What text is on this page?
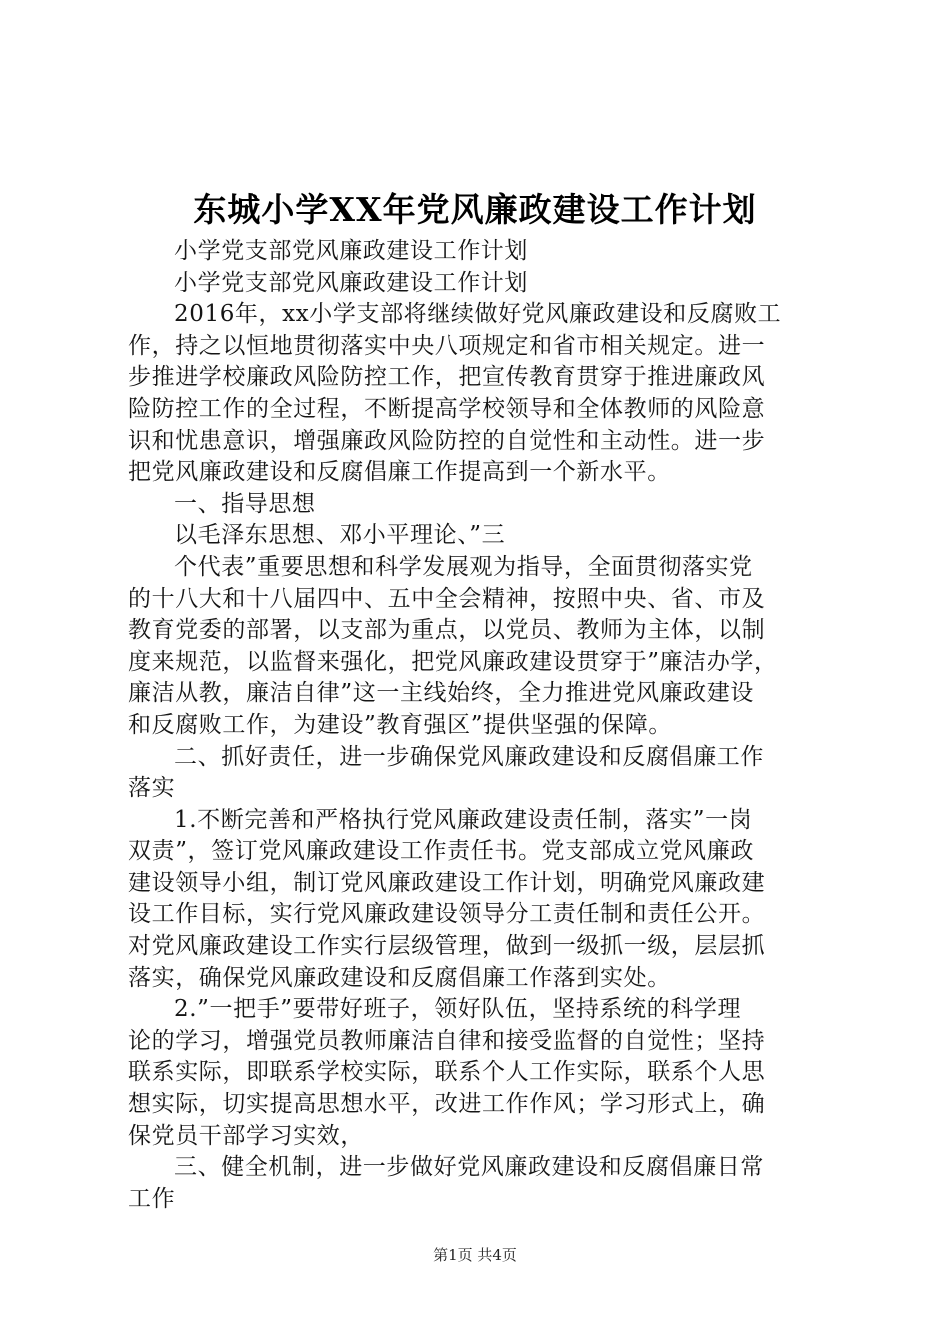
东城小学XX年党风廉政建设工作计划
小学党支部党风廉政建设工作计划
小学党支部党风廉政建设工作计划
2016年，xx小学支部将继续做好党风廉政建设和反腐败工
作，持之以恒地贯彻落实中央八项规定和省市相关规定。进一
步推进学校廉政风险防控工作，把宣传教育贯穿于推进廉政风
险防控工作的全过程，不断提高学校领导和全体教师的风险意
识和忧患意识，增强廉政风险防控的自觉性和主动性。进一步
把党风廉政建设和反腐倡廉工作提高到一个新水平。
一、指导思想
以毛泽东思想、邓小平理论、”三
个代表”重要思想和科学发展观为指导，全面贯彻落实党
的十八大和十八届四中、五中全会精神，按照中央、省、市及
教育党委的部署，以支部为重点，以党员、教师为主体，以制
度来规范，以监督来强化，把党风廉政建设贯穿于”廉洁办学，
廉洁从教，廉洁自律”这一主线始终，全力推进党风廉政建设
和反腐败工作，为建设”教育强区”提供坚强的保障。
二、抓好责任，进一步确保党风廉政建设和反腐倡廉工作
落实
1.不断完善和严格执行党风廉政建设责任制，落实”一岗
双责”，签订党风廉政建设工作责任书。党支部成立党风廉政
建设领导小组，制订党风廉政建设工作计划，明确党风廉政建
设工作目标，实行党风廉政建设领导分工责任制和责任公开。
对党风廉政建设工作实行层级管理，做到一级抓一级，层层抓
落实，确保党风廉政建设和反腐倡廉工作落到实处。
2.”一把手”要带好班子，领好队伍，坚持系统的科学理
论的学习，增强党员教师廉洁自律和接受监督的自觉性；坚持
联系实际，即联系学校实际，联系个人工作实际，联系个人思
想实际，切实提高思想水平，改进工作作风；学习形式上，确
保党员干部学习实效，
三、健全机制，进一步做好党风廉政建设和反腐倡廉日常
工作
第1页 共4页
